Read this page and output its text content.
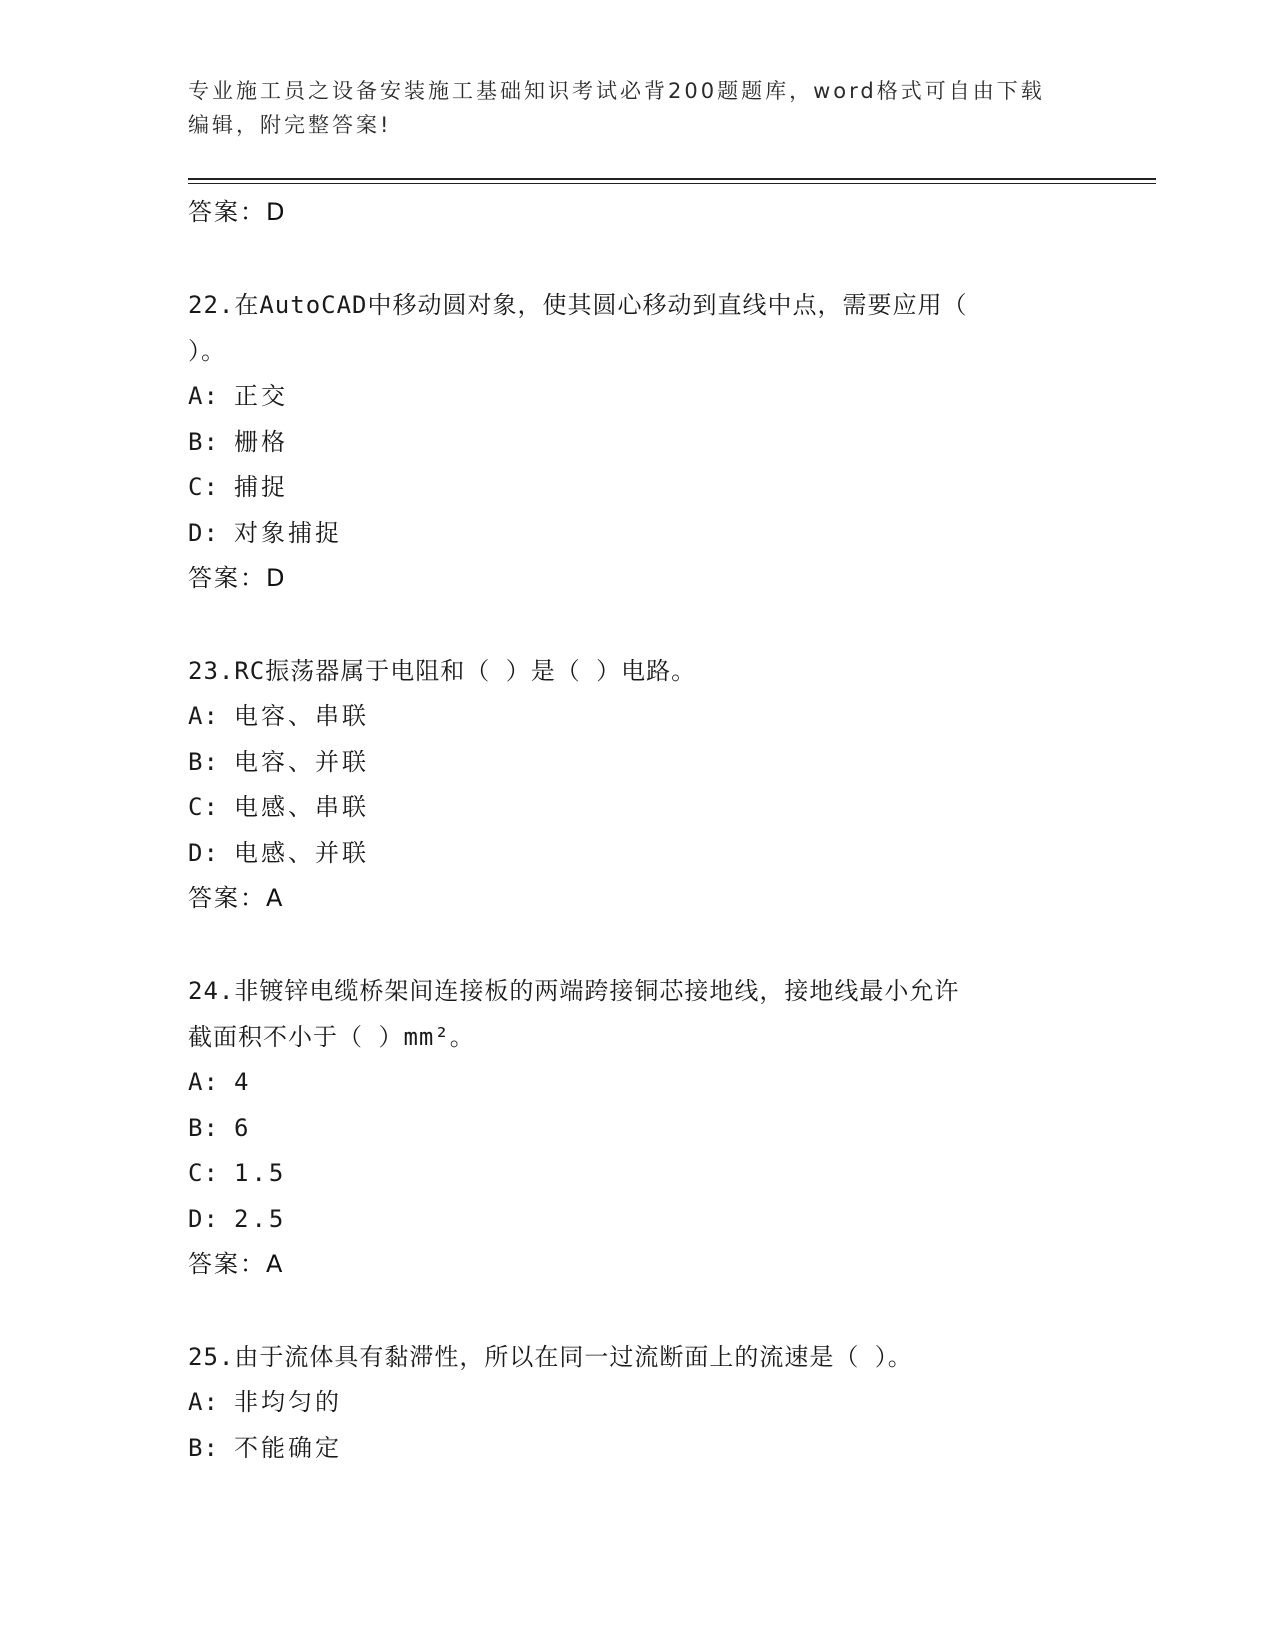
专业施工员之设备安装施工基础知识考试必背200题题库，word格式可自由下载
编辑，附完整答案!
答案：D
22.在AutoCAD中移动圆对象，使其圆心移动到直线中点，需要应用（
）。
A: 正交
B: 栅格
C: 捕捉
D: 对象捕捉
答案：D
23.RC振荡器属于电阻和（ ）是（ ）电路。
A: 电容、串联
B: 电容、并联
C: 电感、串联
D: 电感、并联
答案：A
24.非镀锌电缆桥架间连接板的两端跨接铜芯接地线，接地线最小允许
截面积不小于（ ）mm²。
A: 4
B: 6
C: 1.5
D: 2.5
答案：A
25.由于流体具有黏滞性，所以在同一过流断面上的流速是（ ）。
A: 非均匀的
B: 不能确定
